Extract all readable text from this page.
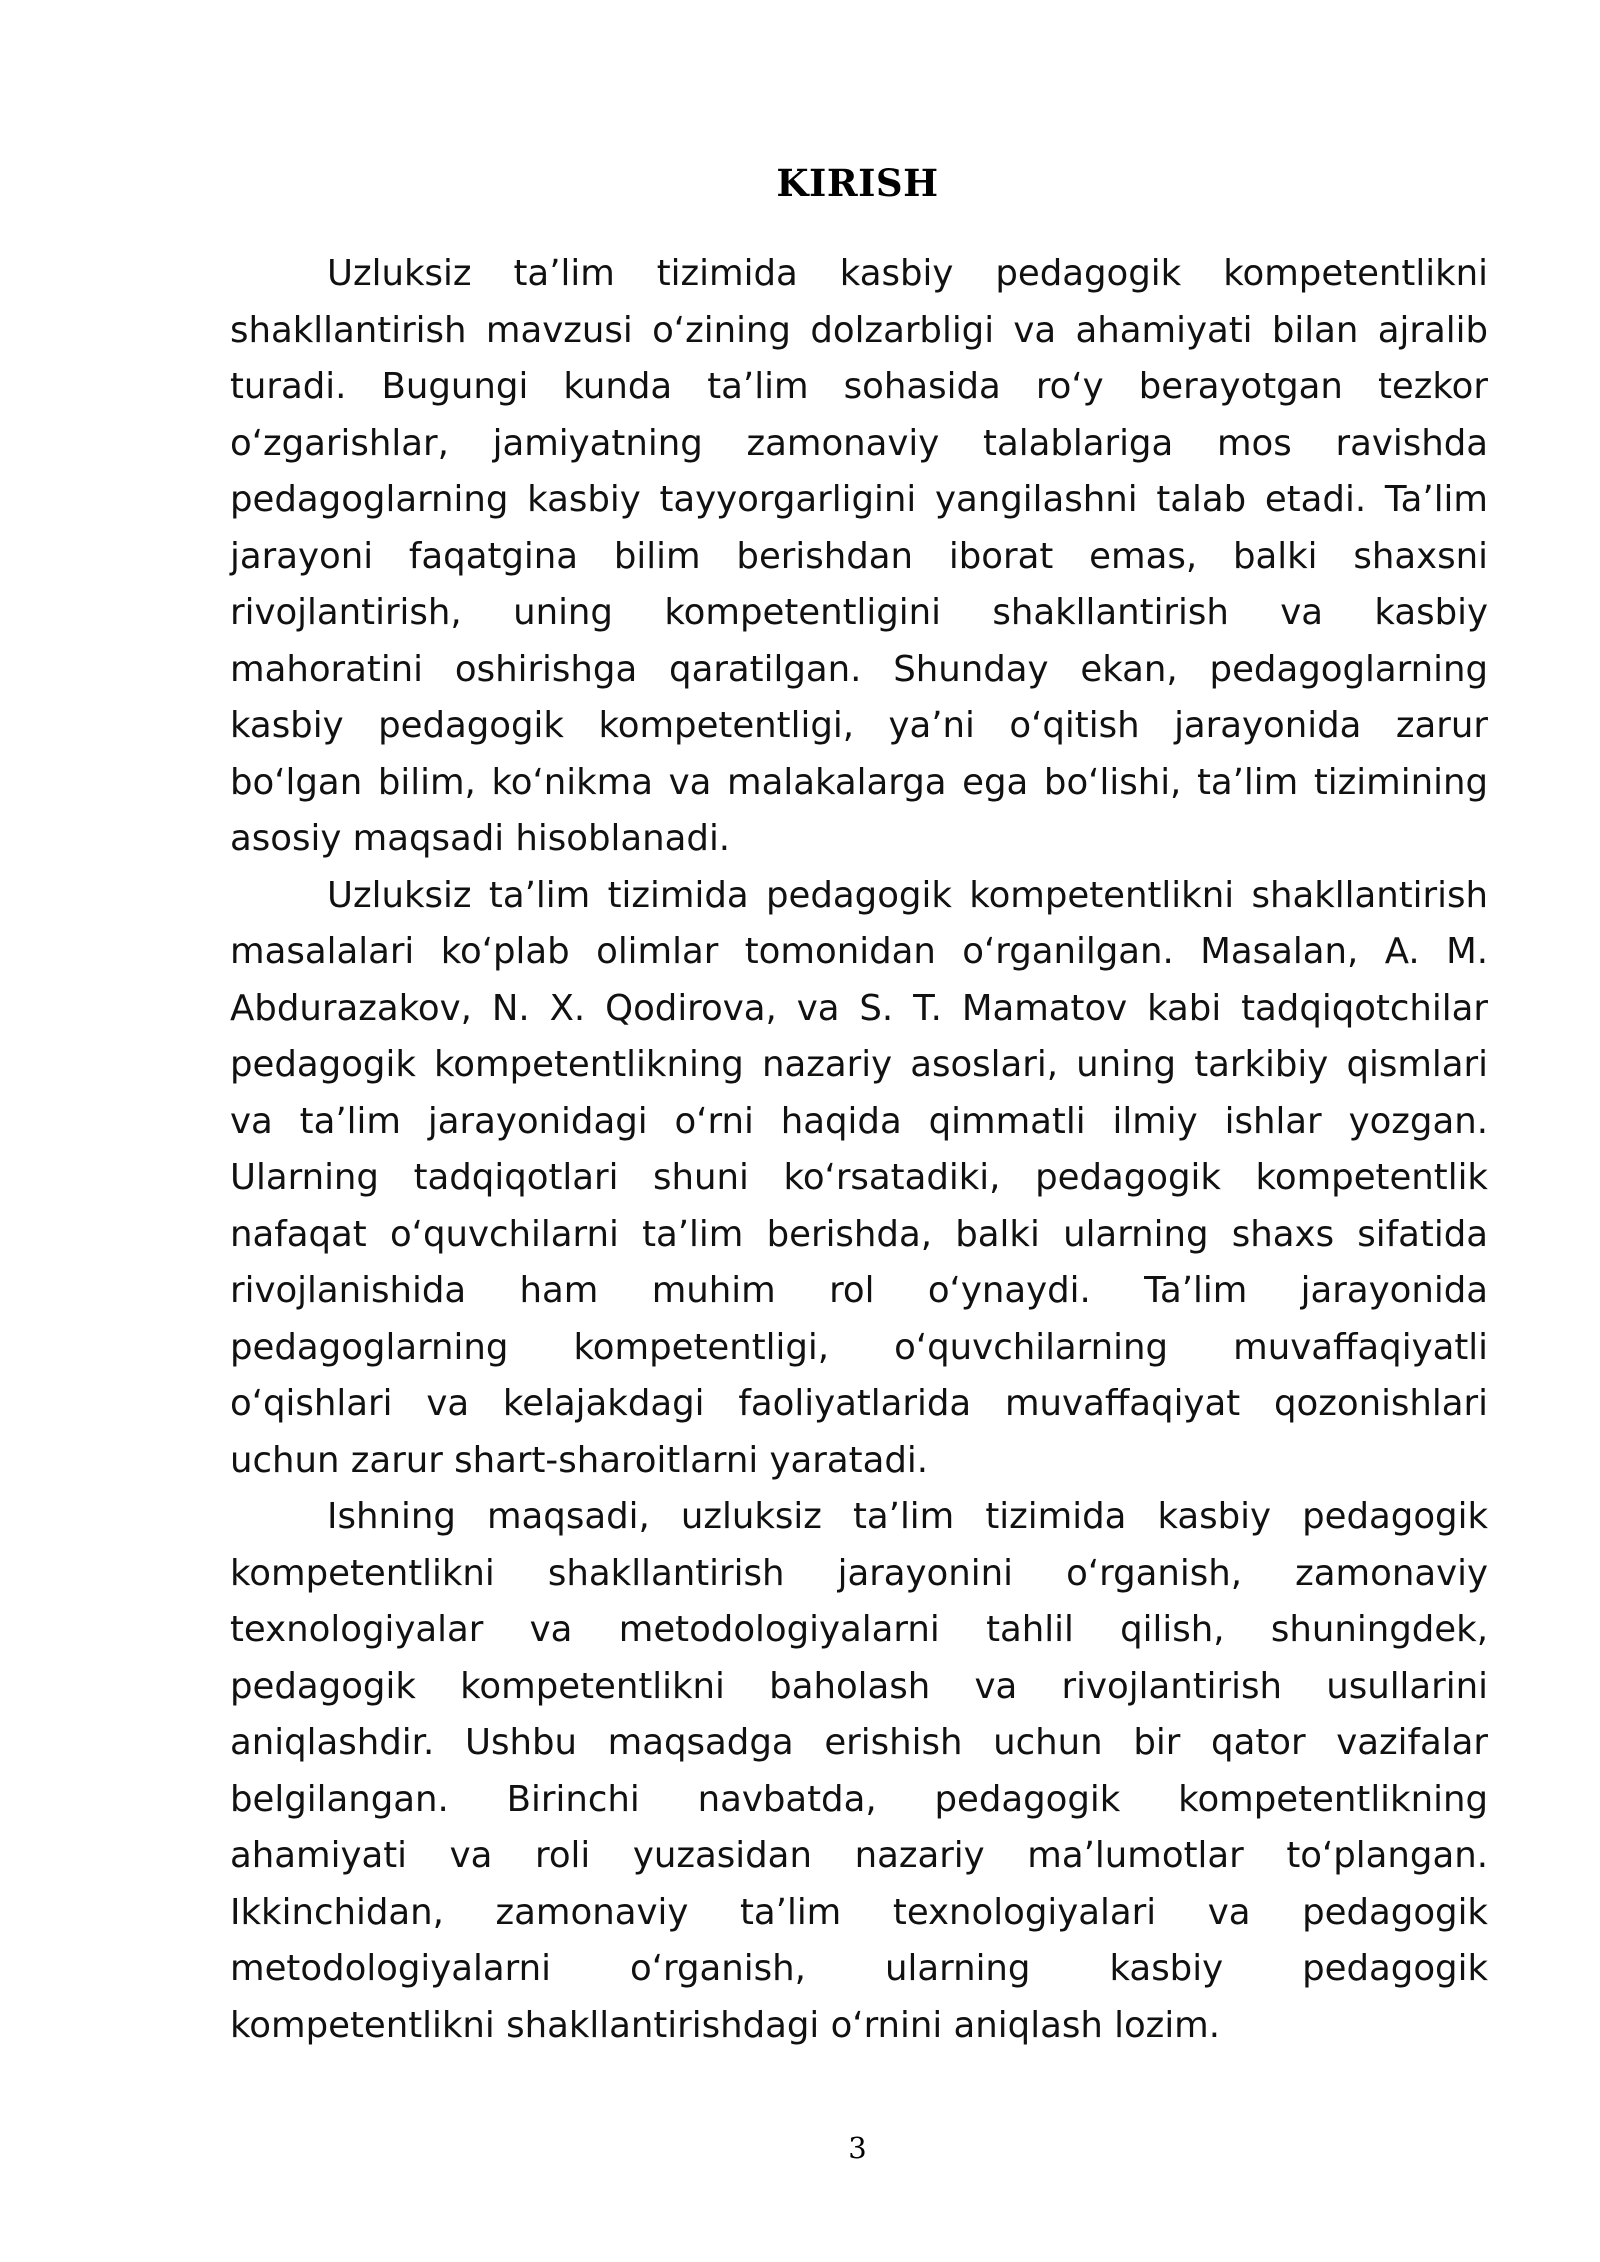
KIRISH

Uzluksiz ta’lim tizimida kasbiy pedagogik kompetentlikni shakllantirish mavzusi o‘zining dolzarbligi va ahamiyati bilan ajralib turadi. Bugungi kunda ta’lim sohasida ro‘y berayotgan tezkor o‘zgarishlar, jamiyatning zamonaviy talablariga mos ravishda pedagoglarning kasbiy tayyorgarligini yangilashni talab etadi. Ta’lim jarayoni faqatgina bilim berishdan iborat emas, balki shaxsni rivojlantirish, uning kompetentligini shakllantirish va kasbiy mahoratini oshirishga qaratilgan. Shunday ekan, pedagoglarning kasbiy pedagogik kompetentligi, ya’ni o‘qitish jarayonida zarur bo‘lgan bilim, ko‘nikma va malakalarga ega bo‘lishi, ta’lim tizimining asosiy maqsadi hisoblanadi.

Uzluksiz ta’lim tizimida pedagogik kompetentlikni shakllantirish masalalari ko‘plab olimlar tomonidan o‘rganilgan. Masalan, A. M. Abdurazakov, N. X. Qodirova, va S. T. Mamatov kabi tadqiqotchilar pedagogik kompetentlikning nazariy asoslari, uning tarkibiy qismlari va ta’lim jarayonidagi o‘rni haqida qimmatli ilmiy ishlar yozgan. Ularning tadqiqotlari shuni ko‘rsatadiki, pedagogik kompetentlik nafaqat o‘quvchilarni ta’lim berishda, balki ularning shaxs sifatida rivojlanishida ham muhim rol o‘ynaydi. Ta’lim jarayonida pedagoglarning kompetentligi, o‘quvchilarning muvaffaqiyatli o‘qishlari va kelajakdagi faoliyatlarida muvaffaqiyat qozonishlari uchun zarur shart-sharoitlarni yaratadi.

Ishning maqsadi, uzluksiz ta’lim tizimida kasbiy pedagogik kompetentlikni shakllantirish jarayonini o‘rganish, zamonaviy texnologiyalar va metodologiyalarni tahlil qilish, shuningdek, pedagogik kompetentlikni baholash va rivojlantirish usullarini aniqlashdir. Ushbu maqsadga erishish uchun bir qator vazifalar belgilangan. Birinchi navbatda, pedagogik kompetentlikning ahamiyati va roli yuzasidan nazariy ma’lumotlar to‘plangan. Ikkinchidan, zamonaviy ta’lim texnologiyalari va pedagogik metodologiyalarni o‘rganish, ularning kasbiy pedagogik kompetentlikni shakllantirishdagi o‘rnini aniqlash lozim.

3
